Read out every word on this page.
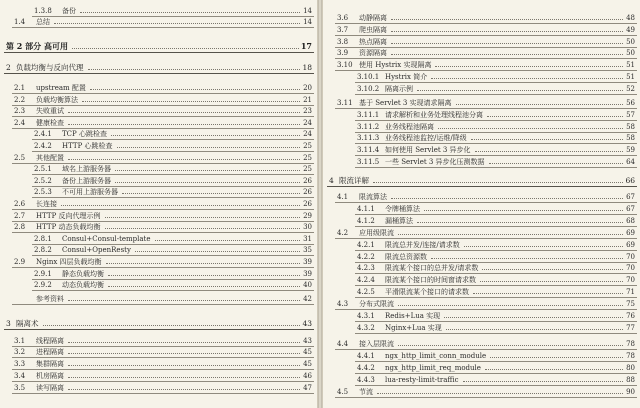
1.3.8	备份	14
1.4	总结	14
第 2 部分 高可用	17
2 负载均衡与反向代理	18
2.1	upstream 配置	20
2.2	负载均衡算法	21
2.3	失败重试	23
2.4	健康检查	24
2.4.1	TCP 心跳检查	24
2.4.2	HTTP 心跳检查	25
2.5	其他配置	25
2.5.1	域名上游服务器	25
2.5.2	备份上游服务器	26
2.5.3	不可用上游服务器	26
2.6	长连接	26
2.7	HTTP 反向代理示例	29
2.8	HTTP 动态负载均衡	30
2.8.1	Consul+Consul-template	31
2.8.2	Consul+OpenResty	35
2.9	Nginx 四层负载均衡	39
2.9.1	静态负载均衡	39
2.9.2	动态负载均衡	40
参考资料	42
3 隔离术	43
3.1	线程隔离	43
3.2	进程隔离	45
3.3	集群隔离	45
3.4	机房隔离	46
3.5	读写隔离	47
3.6	动静隔离	48
3.7	爬虫隔离	49
3.8	热点隔离	50
3.9	资源隔离	50
3.10 使用 Hystrix 实现隔离	51
3.10.1 Hystrix 简介	51
3.10.2 隔离示例	52
3.11 基于 Servlet 3 实现请求隔离	56
3.11.1 请求解析和业务处理线程池分离	57
3.11.2 业务线程池隔离	58
3.11.3 业务线程池监控/运维/降级	58
3.11.4 如何使用 Servlet 3 异步化	59
3.11.5 一些 Servlet 3 异步化压测数据	64
4 限流详解	66
4.1	限流算法	67
4.1.1	令牌桶算法	67
4.1.2	漏桶算法	68
4.2	应用级限流	69
4.2.1	限流总并发/连接/请求数	69
4.2.2	限流总资源数	70
4.2.3	限流某个接口的总并发/请求数	70
4.2.4	限流某个接口的时间窗请求数	70
4.2.5	平滑限流某个接口的请求数	71
4.3	分布式限流	75
4.3.1	Redis+Lua 实现	76
4.3.2	Nginx+Lua 实现	77
4.4	接入层限流	78
4.4.1	ngx_http_limit_conn_module	78
4.4.2	ngx_http_limit_req_module	80
4.4.3	lua-resty-limit-traffic	88
4.5	节流	90
